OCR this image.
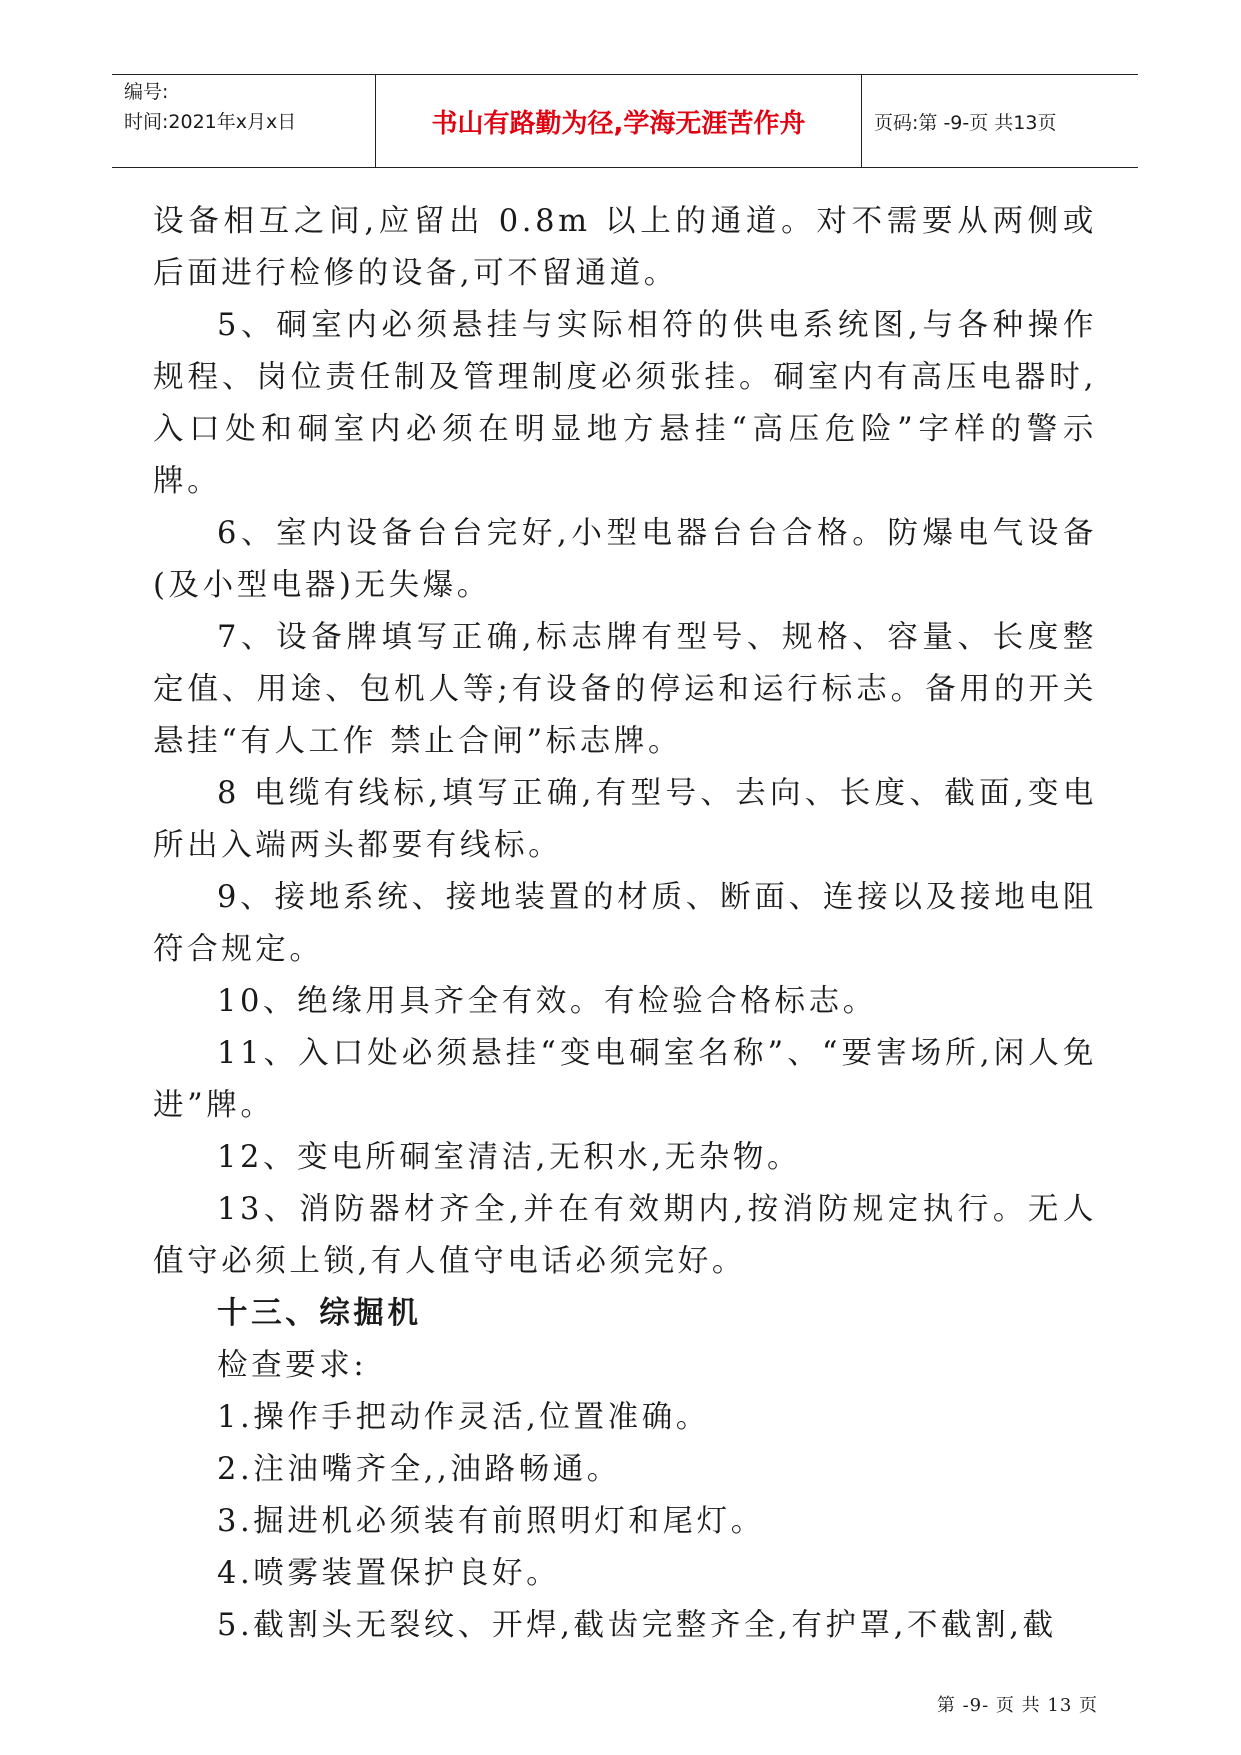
编号:
时间:2021年x月x日	书山有路勤为径,学海无涯苦作舟	页码:第 -9-页 共13页

设备相互之间,应留出 0.8m 以上的通道。对不需要从两侧或后面进行检修的设备,可不留通道。

5、硐室内必须悬挂与实际相符的供电系统图,与各种操作规程、岗位责任制及管理制度必须张挂。硐室内有高压电器时,入口处和硐室内必须在明显地方悬挂“高压危险”字样的警示牌。

6、室内设备台台完好,小型电器台台合格。防爆电气设备(及小型电器)无失爆。

7、设备牌填写正确,标志牌有型号、规格、容量、长度整定值、用途、包机人等;有设备的停运和运行标志。备用的开关悬挂“有人工作 禁止合闸”标志牌。

8 电缆有线标,填写正确,有型号、去向、长度、截面,变电所出入端两头都要有线标。

9、接地系统、接地装置的材质、断面、连接以及接地电阻符合规定。

10、绝缘用具齐全有效。有检验合格标志。

11、入口处必须悬挂“变电硐室名称”、“要害场所,闲人免进”牌。

12、变电所硐室清洁,无积水,无杂物。

13、消防器材齐全,并在有效期内,按消防规定执行。无人值守必须上锁,有人值守电话必须完好。

十三、综掘机

检查要求:

1.操作手把动作灵活,位置准确。

2.注油嘴齐全,,油路畅通。

3.掘进机必须装有前照明灯和尾灯。

4.喷雾装置保护良好。

5.截割头无裂纹、开焊,截齿完整齐全,有护罩,不截割,截

第 -9- 页 共 13 页
